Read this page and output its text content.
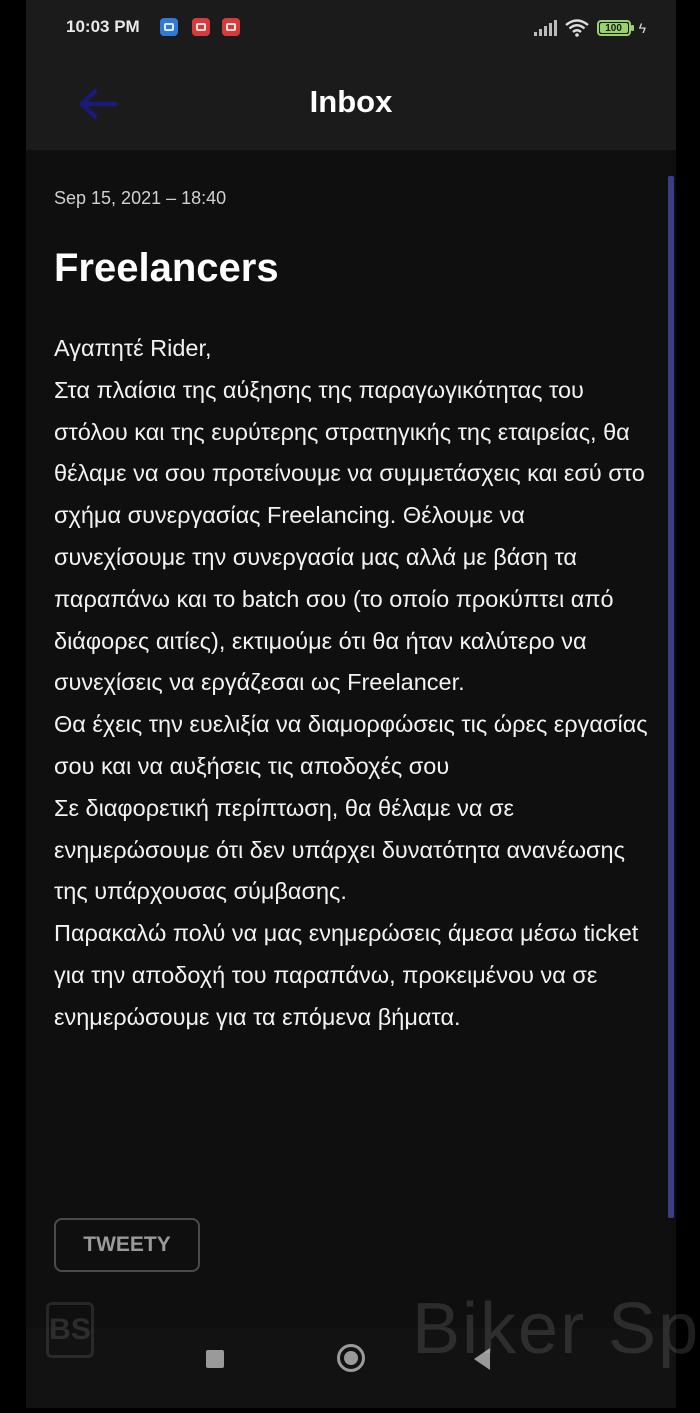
10:03 PM	100 ϟ
Inbox
Sep 15, 2021 – 18:40
Freelancers
Αγαπητέ Rider,
Στα πλαίσια της αύξησης της παραγωγικότητας του στόλου και της ευρύτερης στρατηγικής της εταιρείας, θα θέλαμε να σου προτείνουμε να συμμετάσχεις και εσύ στο σχήμα συνεργασίας Freelancing. Θέλουμε να συνεχίσουμε την συνεργασία μας αλλά με βάση τα παραπάνω και το batch σου (το οποίο προκύπτει από διάφορες αιτίες), εκτιμούμε ότι θα ήταν καλύτερο να συνεχίσεις να εργάζεσαι ως Freelancer.
Θα έχεις την ευελιξία να διαμορφώσεις τις ώρες εργασίας σου και να αυξήσεις τις αποδοχές σου
Σε διαφορετική περίπτωση, θα θέλαμε να σε ενημερώσουμε ότι δεν υπάρχει δυνατότητα ανανέωσης της υπάρχουσας σύμβασης.
Παρακαλώ πολύ να μας ενημερώσεις άμεσα μέσω ticket για την αποδοχή του παραπάνω, προκειμένου να σε ενημερώσουμε για τα επόμενα βήματα.
TWEETY
BS	Biker Sp
